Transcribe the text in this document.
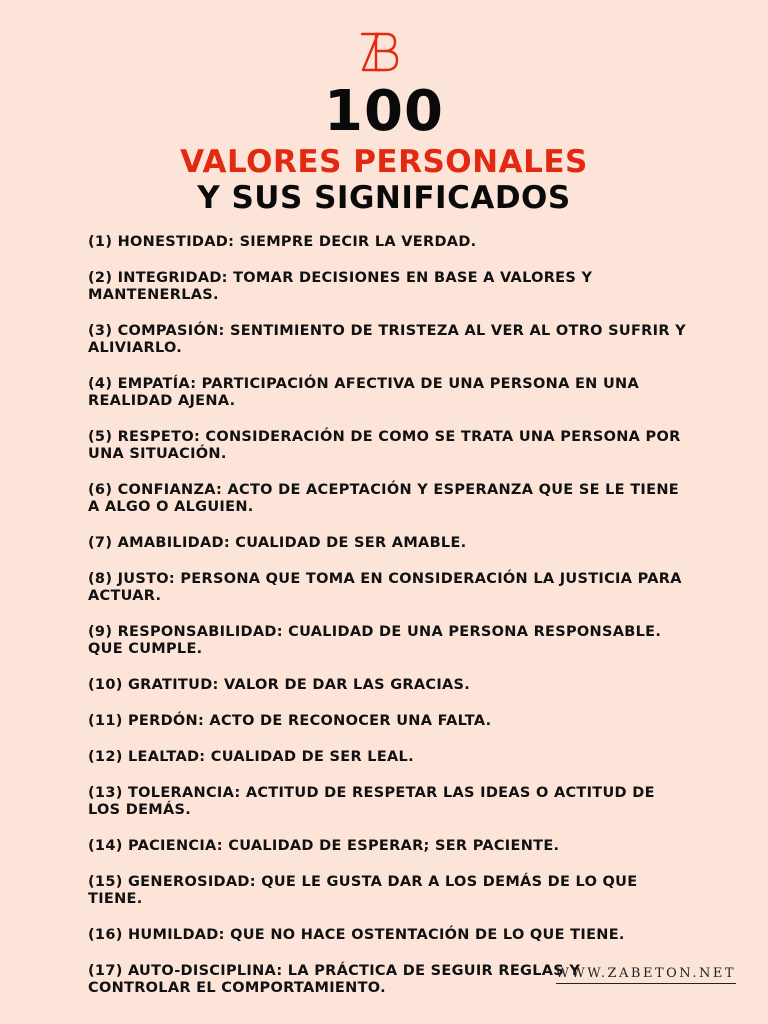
100
VALORES PERSONALES
Y SUS SIGNIFICADOS
(1) HONESTIDAD: SIEMPRE DECIR LA VERDAD.
(2) INTEGRIDAD: TOMAR DECISIONES EN BASE A VALORES Y MANTENERLAS.
(3) COMPASIÓN: SENTIMIENTO DE TRISTEZA AL VER AL OTRO SUFRIR Y ALIVIARLO.
(4) EMPATÍA: PARTICIPACIÓN AFECTIVA DE UNA PERSONA EN UNA REALIDAD AJENA.
(5) RESPETO: CONSIDERACIÓN DE COMO SE TRATA UNA PERSONA POR UNA SITUACIÓN.
(6) CONFIANZA: ACTO DE ACEPTACIÓN Y ESPERANZA QUE SE LE TIENE A ALGO O ALGUIEN.
(7) AMABILIDAD: CUALIDAD DE SER AMABLE.
(8) JUSTO: PERSONA QUE TOMA EN CONSIDERACIÓN LA JUSTICIA PARA ACTUAR.
(9) RESPONSABILIDAD: CUALIDAD DE UNA PERSONA RESPONSABLE. QUE CUMPLE.
(10) GRATITUD: VALOR DE DAR LAS GRACIAS.
(11) PERDÓN: ACTO DE RECONOCER UNA FALTA.
(12) LEALTAD: CUALIDAD DE SER LEAL.
(13) TOLERANCIA: ACTITUD DE RESPETAR LAS IDEAS O ACTITUD DE LOS DEMÁS.
(14) PACIENCIA: CUALIDAD DE ESPERAR; SER PACIENTE.
(15) GENEROSIDAD: QUE LE GUSTA DAR A LOS DEMÁS DE LO QUE TIENE.
(16) HUMILDAD: QUE NO HACE OSTENTACIÓN DE LO QUE TIENE.
(17) AUTO-DISCIPLINA: LA PRÁCTICA DE SEGUIR REGLAS Y CONTROLAR EL COMPORTAMIENTO.
WWW.ZABETON.NET
